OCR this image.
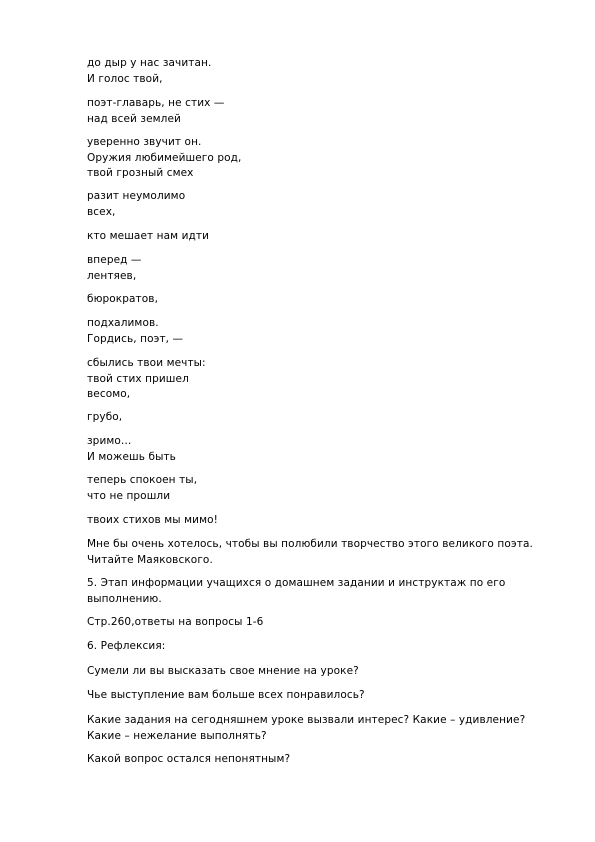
до дыр у нас зачитан.
И голос твой,
поэт-главарь, не стих —
над всей землей
уверенно звучит он.
Оружия любимейшего род,
твой грозный смех
разит неумолимо
всех,
кто мешает нам идти
вперед —
лентяев,
бюрократов,
подхалимов.
Гордись, поэт, —
сбылись твои мечты:
твой стих пришел
весомо,
грубо,
зримо…
И можешь быть
теперь спокоен ты,
что не прошли
твоих стихов мы мимо!
Мне бы очень хотелось, чтобы вы полюбили творчество этого великого поэта.
Читайте Маяковского.
5. Этап информации учащихся о домашнем задании и инструктаж по его
выполнению.
Стр.260,ответы на вопросы 1-6
6. Рефлексия:
Сумели ли вы высказать свое мнение на уроке?
Чье выступление вам больше всех понравилось?
Какие задания на сегодняшнем уроке вызвали интерес? Какие – удивление?
Какие – нежелание выполнять?
Какой вопрос остался непонятным?
